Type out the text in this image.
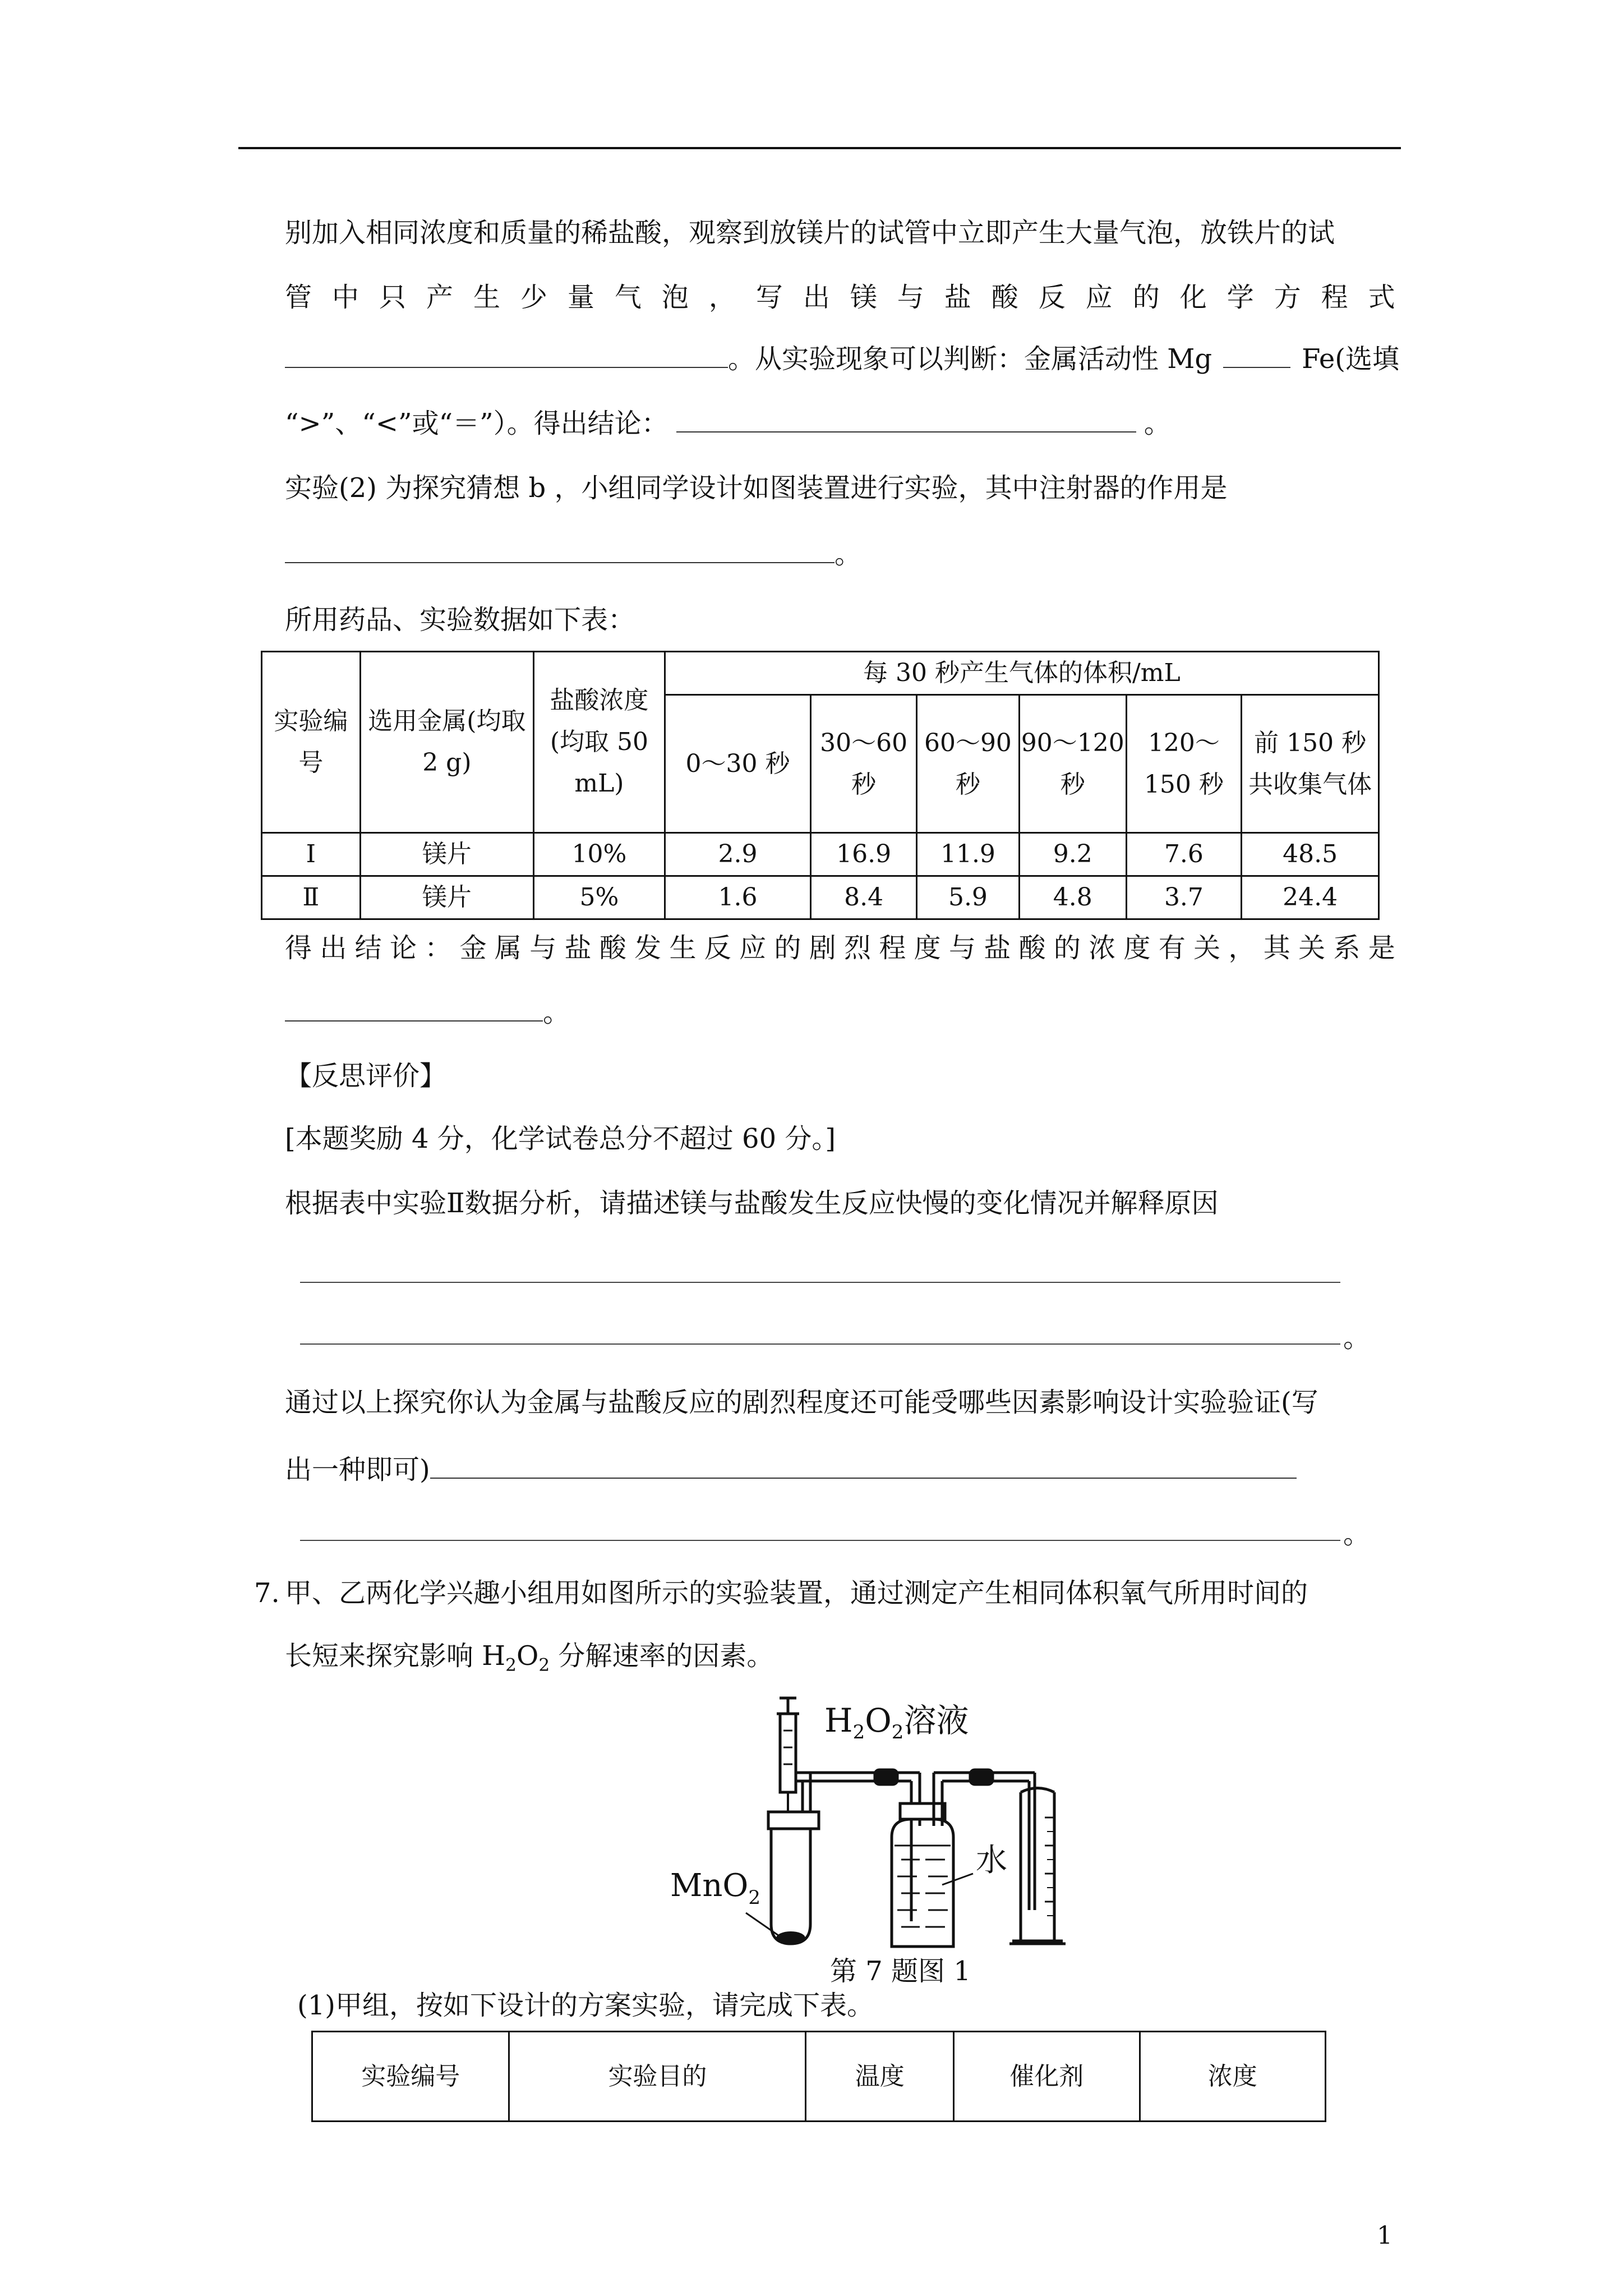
别加入相同浓度和质量的稀盐酸，观察到放镁片的试管中立即产生大量气泡，放铁片的试
管 中 只 产 生 少 量 气 泡 ， 写 出 镁 与 盐 酸 反 应 的 化 学 方 程 式
。从实验现象可以判断：金属活动性 Mg	Fe(选填
“>”、“<”或“＝”）。得出结论：	。
实验(2) 为探究猜想 b ，小组同学设计如图装置进行实验，其中注射器的作用是
。
所用药品、实验数据如下表：
实验编号	选用金属(均取 2 g)	盐酸浓度(均取 50 mL)	每 30 秒产生气体的体积/mL					
			0～30 秒	30～60 秒	60～90 秒	90～120 秒	120～150 秒	前 150 秒共收集气体
Ⅰ	镁片	10%	2.9	16.9	11.9	9.2	7.6	48.5
Ⅱ	镁片	5%	1.6	8.4	5.9	4.8	3.7	24.4
得 出 结 论 ： 金 属 与 盐 酸 发 生 反 应 的 剧 烈 程 度 与 盐 酸 的 浓 度 有 关 ， 其 关 系 是
。
【反思评价】
[本题奖励 4 分，化学试卷总分不超过 60 分。]
根据表中实验Ⅱ数据分析，请描述镁与盐酸发生反应快慢的变化情况并解释原因
。
通过以上探究你认为金属与盐酸反应的剧烈程度还可能受哪些因素影响设计实验验证(写
出一种即可)
。
7. 甲、乙两化学兴趣小组用如图所示的实验装置，通过测定产生相同体积氧气所用时间的
长短来探究影响 $H_2O_2$ 分解速率的因素。
$H_2O_2$溶液
MnO$_2$
水
第 7 题图 1
(1)甲组，按如下设计的方案实验，请完成下表。
实验编号	实验目的	温度	催化剂	浓度
1
